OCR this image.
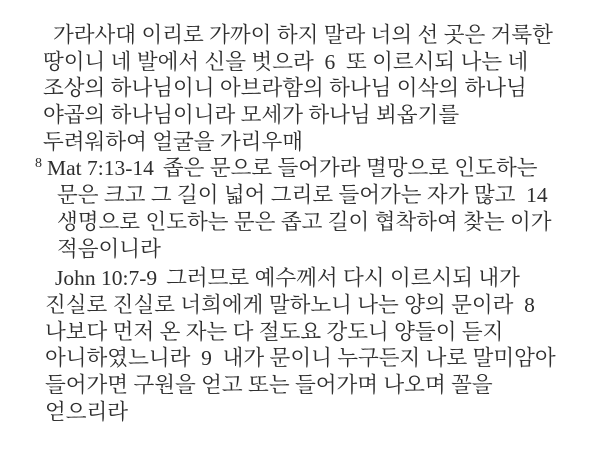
가라사대 이리로 가까이 하지 말라 너의 선 곳은 거룩한
땅이니 네 발에서 신을 벗으라  6  또 이르시되 나는 네
조상의 하나님이니 아브라함의 하나님 이삭의 하나님
야곱의 하나님이니라 모세가 하나님 뵈옵기를
두려워하여 얼굴을 가리우매
$^8$ Mat 7:13-14 좁은 문으로 들어가라 멸망으로 인도하는
문은 크고 그 길이 넓어 그리로 들어가는 자가 많고  14
생명으로 인도하는 문은 좁고 길이 협착하여 찾는 이가
적음이니라
John 10:7-9 그러므로 예수께서 다시 이르시되 내가
진실로 진실로 너희에게 말하노니 나는 양의 문이라  8
나보다 먼저 온 자는 다 절도요 강도니 양들이 듣지
아니하였느니라  9  내가 문이니 누구든지 나로 말미암아
들어가면 구원을 얻고 또는 들어가며 나오며 꼴을
얻으리라
